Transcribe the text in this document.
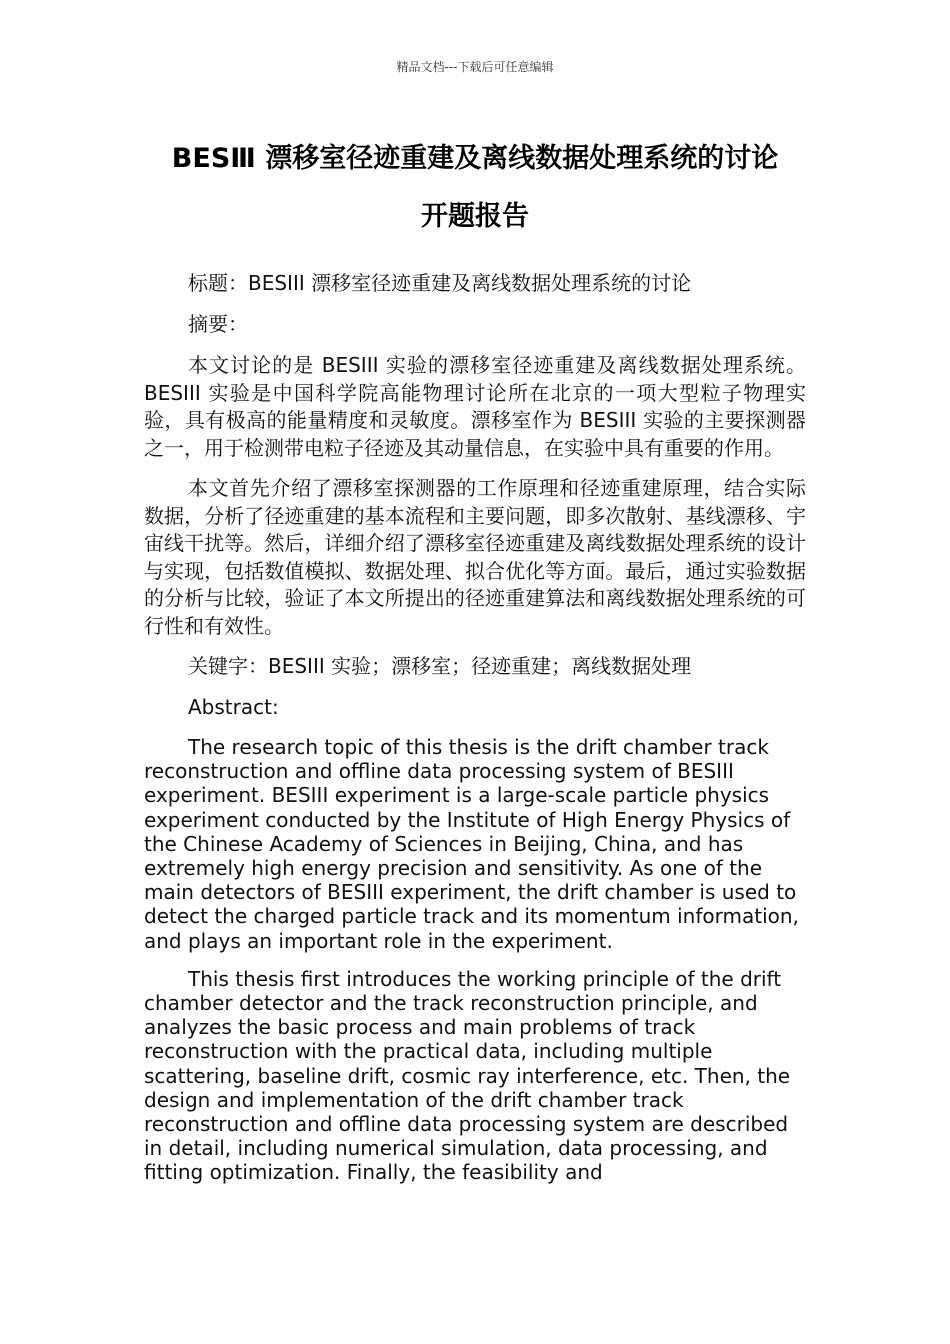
精品文档---下载后可任意编辑
BESⅢ 漂移室径迹重建及离线数据处理系统的讨论
开题报告

标题：BESIII 漂移室径迹重建及离线数据处理系统的讨论

摘要：

本文讨论的是 BESIII 实验的漂移室径迹重建及离线数据处理系统。BESIII 实验是中国科学院高能物理讨论所在北京的一项大型粒子物理实验，具有极高的能量精度和灵敏度。漂移室作为 BESIII 实验的主要探测器之一，用于检测带电粒子径迹及其动量信息，在实验中具有重要的作用。

本文首先介绍了漂移室探测器的工作原理和径迹重建原理，结合实际数据，分析了径迹重建的基本流程和主要问题，即多次散射、基线漂移、宇宙线干扰等。然后，详细介绍了漂移室径迹重建及离线数据处理系统的设计与实现，包括数值模拟、数据处理、拟合优化等方面。最后，通过实验数据的分析与比较，验证了本文所提出的径迹重建算法和离线数据处理系统的可行性和有效性。

关键字：BESIII 实验；漂移室；径迹重建；离线数据处理

Abstract:

The research topic of this thesis is the drift chamber track reconstruction and offline data processing system of BESIII experiment. BESIII experiment is a large-scale particle physics experiment conducted by the Institute of High Energy Physics of the Chinese Academy of Sciences in Beijing, China, and has extremely high energy precision and sensitivity. As one of the main detectors of BESIII experiment, the drift chamber is used to detect the charged particle track and its momentum information, and plays an important role in the experiment.

This thesis first introduces the working principle of the drift chamber detector and the track reconstruction principle, and analyzes the basic process and main problems of track reconstruction with the practical data, including multiple scattering, baseline drift, cosmic ray interference, etc. Then, the design and implementation of the drift chamber track reconstruction and offline data processing system are described in detail, including numerical simulation, data processing, and fitting optimization. Finally, the feasibility and
